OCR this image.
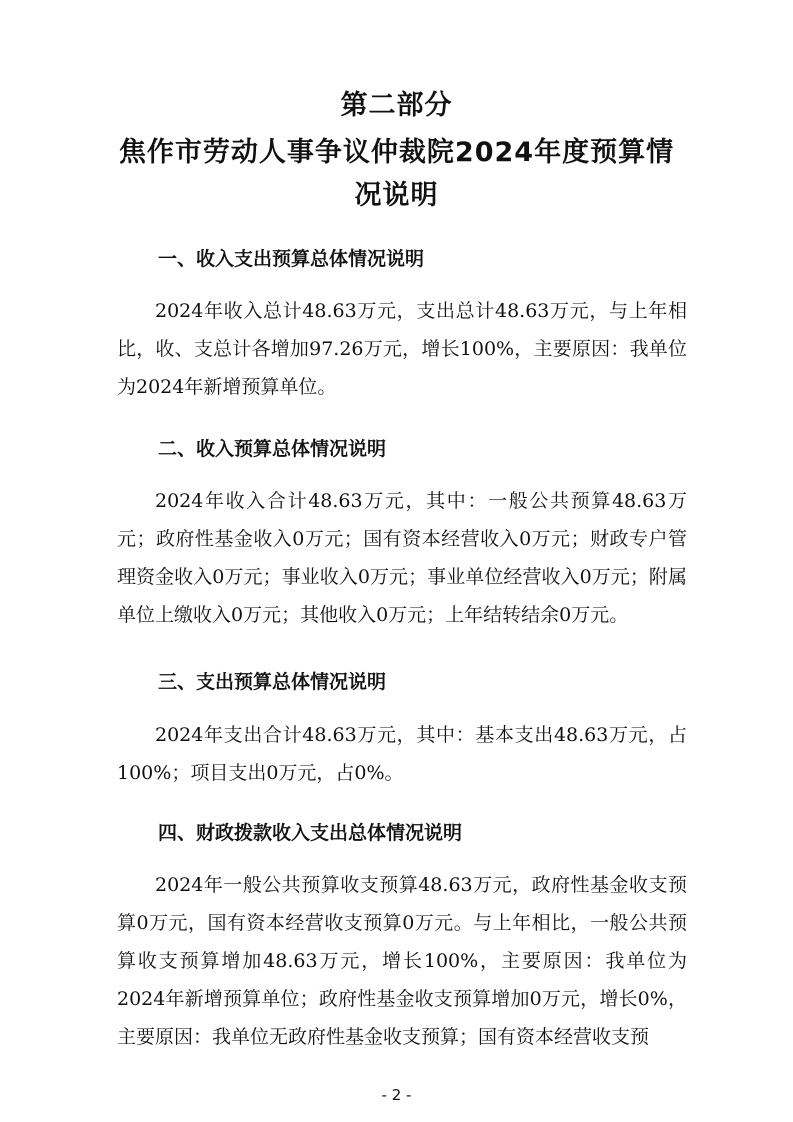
第二部分
焦作市劳动人事争议仲裁院2024年度预算情
况说明
一、收入支出预算总体情况说明
2024年收入总计48.63万元，支出总计48.63万元，与上年相比，收、支总计各增加97.26万元，增长100%，主要原因：我单位为2024年新增预算单位。
二、收入预算总体情况说明
2024年收入合计48.63万元，其中：一般公共预算48.63万元；政府性基金收入0万元；国有资本经营收入0万元；财政专户管理资金收入0万元；事业收入0万元；事业单位经营收入0万元；附属单位上缴收入0万元；其他收入0万元；上年结转结余0万元。
三、支出预算总体情况说明
2024年支出合计48.63万元，其中：基本支出48.63万元，占100%；项目支出0万元，占0%。
四、财政拨款收入支出总体情况说明
2024年一般公共预算收支预算48.63万元，政府性基金收支预算0万元，国有资本经营收支预算0万元。与上年相比，一般公共预算收支预算增加48.63万元，增长100%，主要原因：我单位为2024年新增预算单位；政府性基金收支预算增加0万元，增长0%，主要原因：我单位无政府性基金收支预算；国有资本经营收支预
- 2 -
